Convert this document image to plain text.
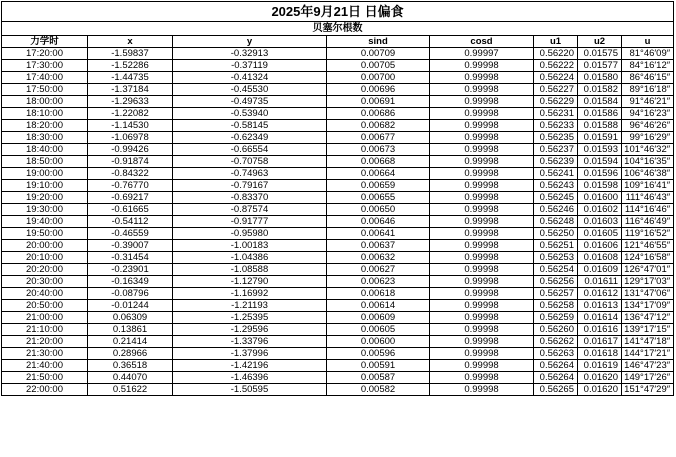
2025年9月21日 日偏食							
贝塞尔根数							
力学时	x	y	sind	cosd	u1	u2	u
17:20:00	-1.59837	-0.32913	0.00709	0.99997	0.56220	0.01575	81°46′09″
17:30:00	-1.52286	-0.37119	0.00705	0.99998	0.56222	0.01577	84°16′12″
17:40:00	-1.44735	-0.41324	0.00700	0.99998	0.56224	0.01580	86°46′15″
17:50:00	-1.37184	-0.45530	0.00696	0.99998	0.56227	0.01582	89°16′18″
18:00:00	-1.29633	-0.49735	0.00691	0.99998	0.56229	0.01584	91°46′21″
18:10:00	-1.22082	-0.53940	0.00686	0.99998	0.56231	0.01586	94°16′23″
18:20:00	-1.14530	-0.58145	0.00682	0.99998	0.56233	0.01588	96°46′26″
18:30:00	-1.06978	-0.62349	0.00677	0.99998	0.56235	0.01591	99°16′29″
18:40:00	-0.99426	-0.66554	0.00673	0.99998	0.56237	0.01593	101°46′32″
18:50:00	-0.91874	-0.70758	0.00668	0.99998	0.56239	0.01594	104°16′35″
19:00:00	-0.84322	-0.74963	0.00664	0.99998	0.56241	0.01596	106°46′38″
19:10:00	-0.76770	-0.79167	0.00659	0.99998	0.56243	0.01598	109°16′41″
19:20:00	-0.69217	-0.83370	0.00655	0.99998	0.56245	0.01600	111°46′43″
19:30:00	-0.61665	-0.87574	0.00650	0.99998	0.56246	0.01602	114°16′46″
19:40:00	-0.54112	-0.91777	0.00646	0.99998	0.56248	0.01603	116°46′49″
19:50:00	-0.46559	-0.95980	0.00641	0.99998	0.56250	0.01605	119°16′52″
20:00:00	-0.39007	-1.00183	0.00637	0.99998	0.56251	0.01606	121°46′55″
20:10:00	-0.31454	-1.04386	0.00632	0.99998	0.56253	0.01608	124°16′58″
20:20:00	-0.23901	-1.08588	0.00627	0.99998	0.56254	0.01609	126°47′01″
20:30:00	-0.16349	-1.12790	0.00623	0.99998	0.56256	0.01611	129°17′03″
20:40:00	-0.08796	-1.16992	0.00618	0.99998	0.56257	0.01612	131°47′06″
20:50:00	-0.01244	-1.21193	0.00614	0.99998	0.56258	0.01613	134°17′09″
21:00:00	0.06309	-1.25395	0.00609	0.99998	0.56259	0.01614	136°47′12″
21:10:00	0.13861	-1.29596	0.00605	0.99998	0.56260	0.01616	139°17′15″
21:20:00	0.21414	-1.33796	0.00600	0.99998	0.56262	0.01617	141°47′18″
21:30:00	0.28966	-1.37996	0.00596	0.99998	0.56263	0.01618	144°17′21″
21:40:00	0.36518	-1.42196	0.00591	0.99998	0.56264	0.01619	146°47′23″
21:50:00	0.44070	-1.46396	0.00587	0.99998	0.56264	0.01620	149°17′26″
22:00:00	0.51622	-1.50595	0.00582	0.99998	0.56265	0.01620	151°47′29″
